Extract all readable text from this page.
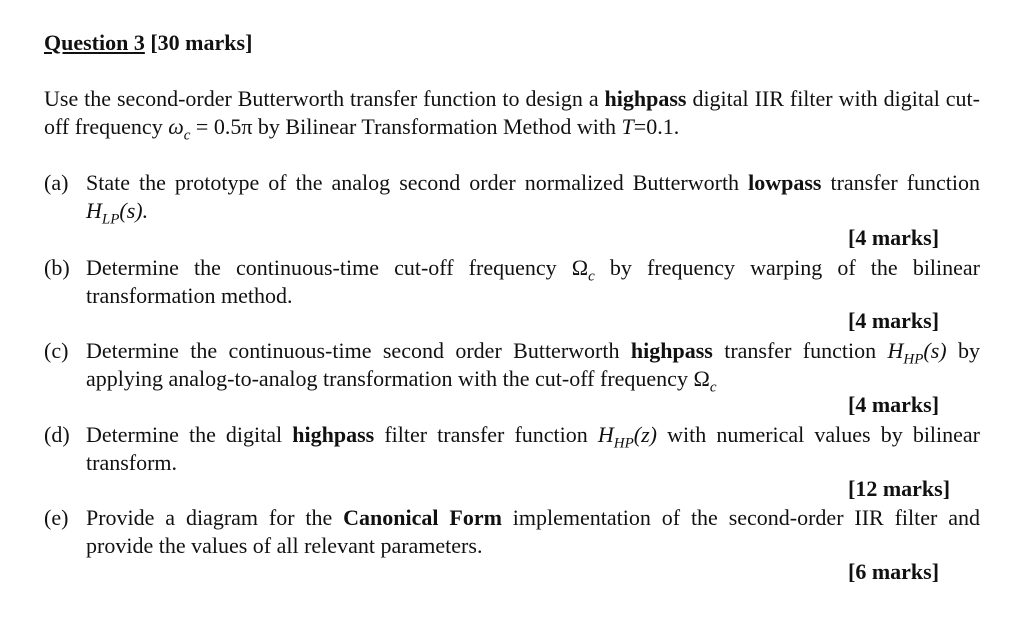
Question 3 [30 marks]
Use the second-order Butterworth transfer function to design a highpass digital IIR filter with digital cut-off frequency $\omega_c = 0.5\pi$ by Bilinear Transformation Method with T=0.1.
(a) State the prototype of the analog second order normalized Butterworth lowpass transfer function $H_{LP}(s)$.
[4 marks]
(b) Determine the continuous-time cut-off frequency $\Omega_c$ by frequency warping of the bilinear transformation method.
[4 marks]
(c) Determine the continuous-time second order Butterworth highpass transfer function $H_{HP}(s)$ by applying analog-to-analog transformation with the cut-off frequency $\Omega_c$
[4 marks]
(d) Determine the digital highpass filter transfer function $H_{HP}(z)$ with numerical values by bilinear transform.
[12 marks]
(e) Provide a diagram for the Canonical Form implementation of the second-order IIR filter and provide the values of all relevant parameters.
[6 marks]
